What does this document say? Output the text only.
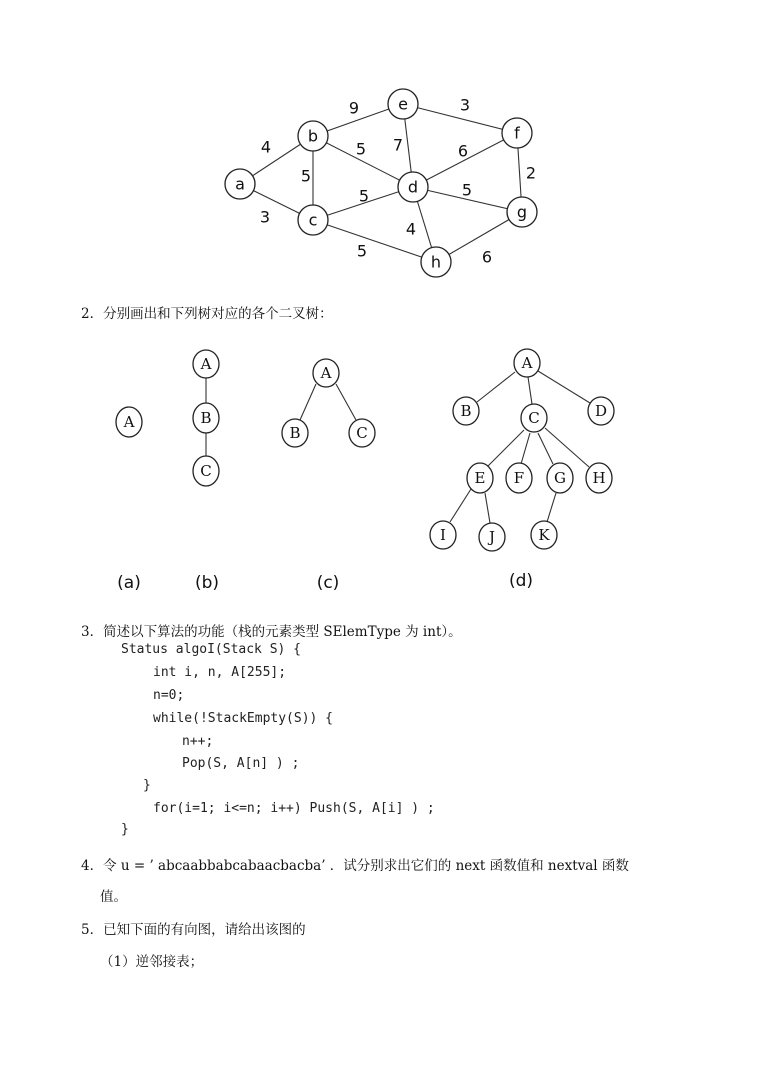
9	3
4
5
5 7	6
2
5
5
3
4
5	6
a
b
c
d
e
f
g
h
2．分别画出和下列树对应的各个二叉树：
A
A
B
C
A
B	C
A
B	C	D
E F G H
I	J	K
(a)	(b)	(c)	(d)
3．简述以下算法的功能（栈的元素类型 SElemType 为 int）。
Status algoI(Stack S) {
int i, n, A[255];
n=0;
while(!StackEmpty(S)) {
n++;
Pop(S, A[n] ) ;
}
for(i=1; i<=n; i++) Push(S, A[i] ) ;
}
4．令 u = ’ abcaabbabcabaacbacba’ ．试分别求出它们的 next 函数值和 nextval 函数
值。
5．已知下面的有向图，请给出该图的
（1）逆邻接表；
